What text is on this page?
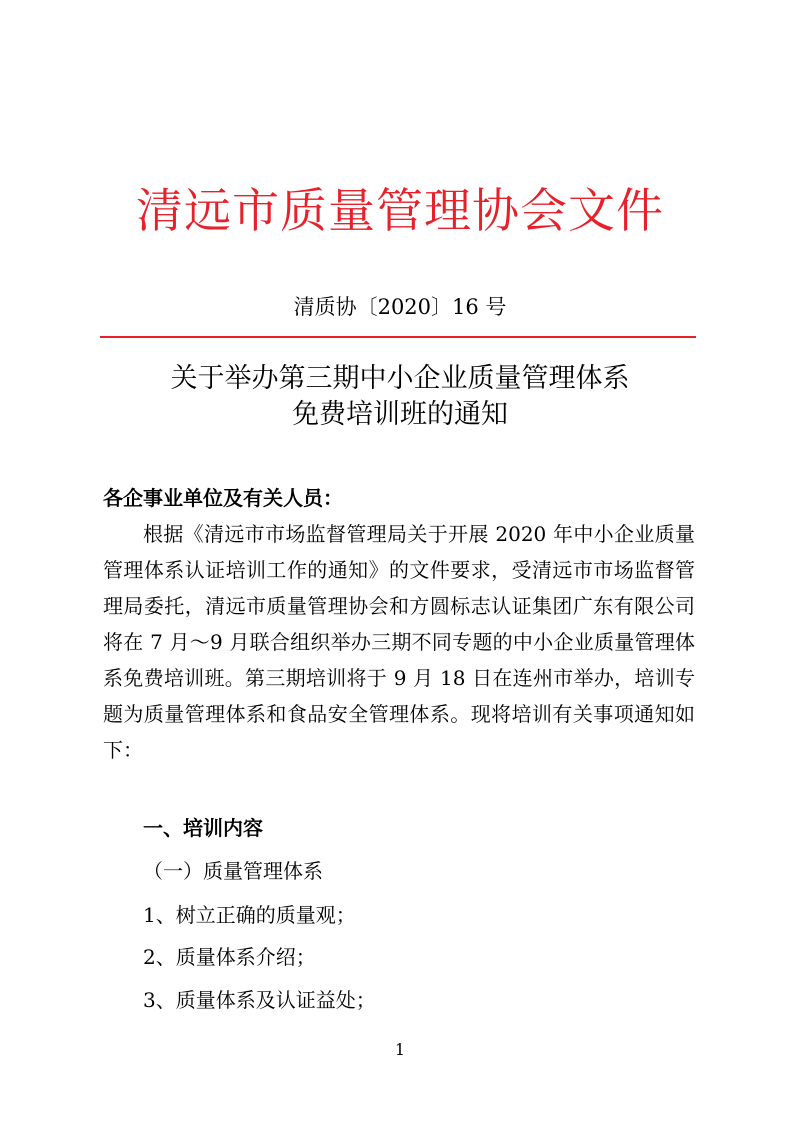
清远市质量管理协会文件
清质协〔2020〕16 号
关于举办第三期中小企业质量管理体系
免费培训班的通知
各企事业单位及有关人员：
根据《清远市市场监督管理局关于开展 2020 年中小企业质量管理体系认证培训工作的通知》的文件要求，受清远市市场监督管理局委托，清远市质量管理协会和方圆标志认证集团广东有限公司将在 7 月～9 月联合组织举办三期不同专题的中小企业质量管理体系免费培训班。第三期培训将于 9 月 18 日在连州市举办，培训专题为质量管理体系和食品安全管理体系。现将培训有关事项通知如下：
一、培训内容
（一）质量管理体系
1、树立正确的质量观；
2、质量体系介绍；
3、质量体系及认证益处；
1
